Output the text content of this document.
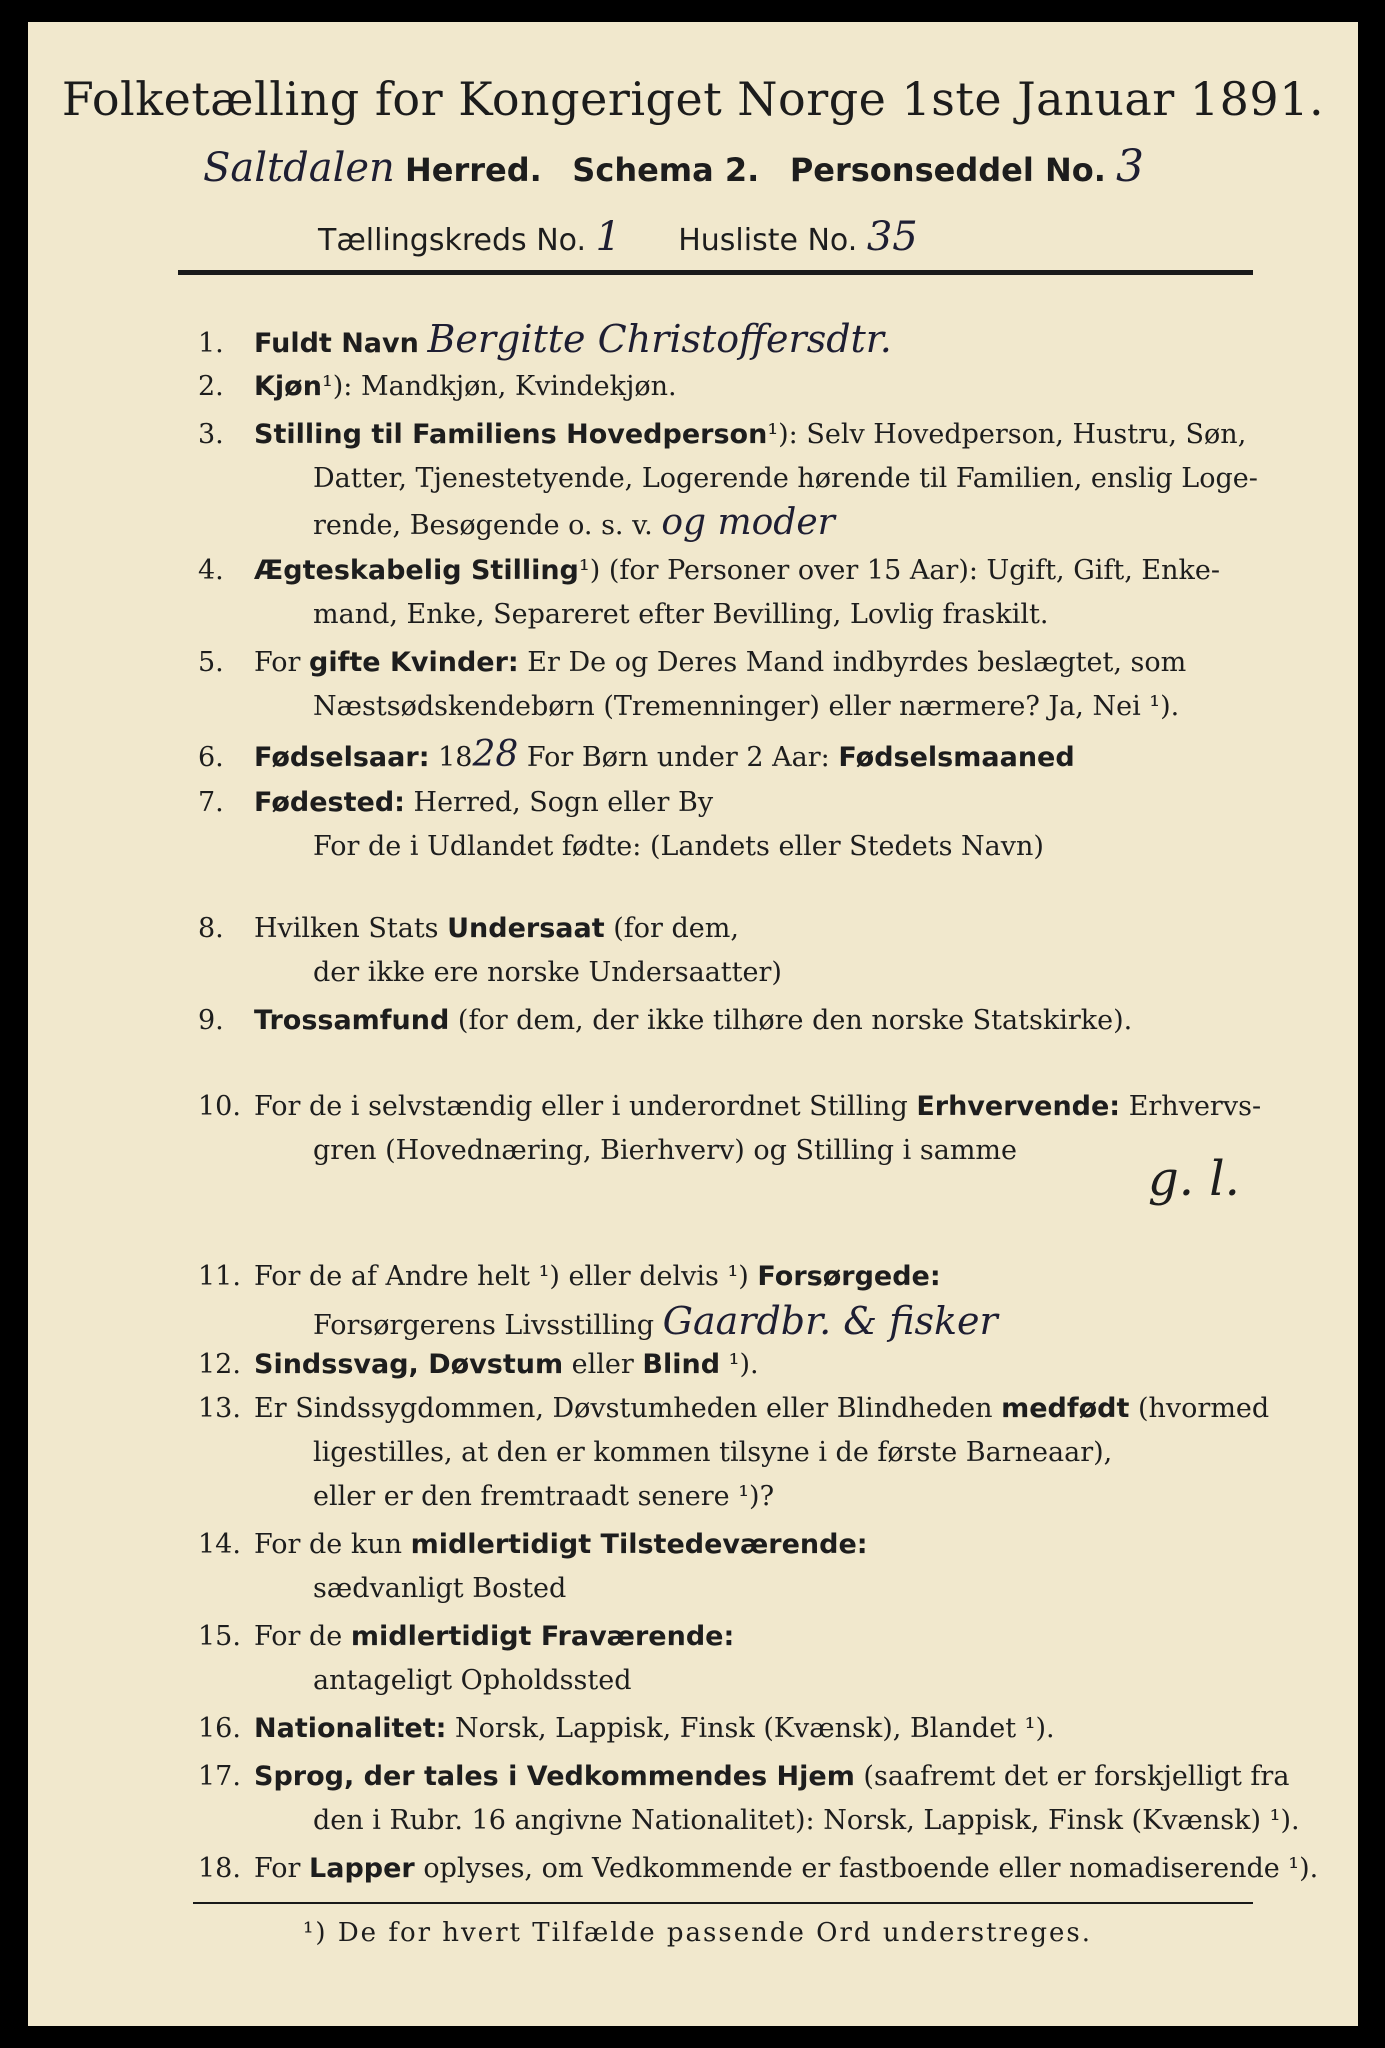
Folketælling for Kongeriget Norge 1ste Januar 1891.
Saltdalen Herred. Schema 2. Personseddel No. 3
Tællingskreds No. 1 Husliste No. 35
1. Fuldt Navn Bergitte Christoffersdtr.
2. Kjøn¹): Mandkjøn, Kvindekjøn.
3. Stilling til Familiens Hovedperson¹): Selv Hovedperson, Hustru, Søn,
Datter, Tjenestetyende, Logerende hørende til Familien, enslig Loge-
rende, Besøgende o. s. v. og moder
4. Ægteskabelig Stilling¹) (for Personer over 15 Aar): Ugift, Gift, Enke-
mand, Enke, Separeret efter Bevilling, Lovlig fraskilt.
5. For gifte Kvinder: Er De og Deres Mand indbyrdes beslægtet, som
Næstsødskendebørn (Tremenninger) eller nærmere? Ja, Nei ¹).
6. Fødselsaar: 1828 For Børn under 2 Aar: Fødselsmaaned
7. Fødested: Herred, Sogn eller By
For de i Udlandet fødte: (Landets eller Stedets Navn)
8. Hvilken Stats Undersaat (for dem,
der ikke ere norske Undersaatter)
9. Trossamfund (for dem, der ikke tilhøre den norske Statskirke).
10. For de i selvstændig eller i underordnet Stilling Erhvervende: Erhvervs-
gren (Hovednæring, Bierhverv) og Stilling i samme
g. l.
11. For de af Andre helt ¹) eller delvis ¹) Forsørgede:
Forsørgerens Livsstilling Gaardbr. & fisker
12. Sindssvag, Døvstum eller Blind ¹).
13. Er Sindssygdommen, Døvstumheden eller Blindheden medfødt (hvormed
ligestilles, at den er kommen tilsyne i de første Barneaar),
eller er den fremtraadt senere ¹)?
14. For de kun midlertidigt Tilstedeværende:
sædvanligt Bosted
15. For de midlertidigt Fraværende:
antageligt Opholdssted
16. Nationalitet: Norsk, Lappisk, Finsk (Kvænsk), Blandet ¹).
17. Sprog, der tales i Vedkommendes Hjem (saafremt det er forskjelligt fra
den i Rubr. 16 angivne Nationalitet): Norsk, Lappisk, Finsk (Kvænsk) ¹).
18. For Lapper oplyses, om Vedkommende er fastboende eller nomadiserende ¹).
¹) De for hvert Tilfælde passende Ord understreges.
